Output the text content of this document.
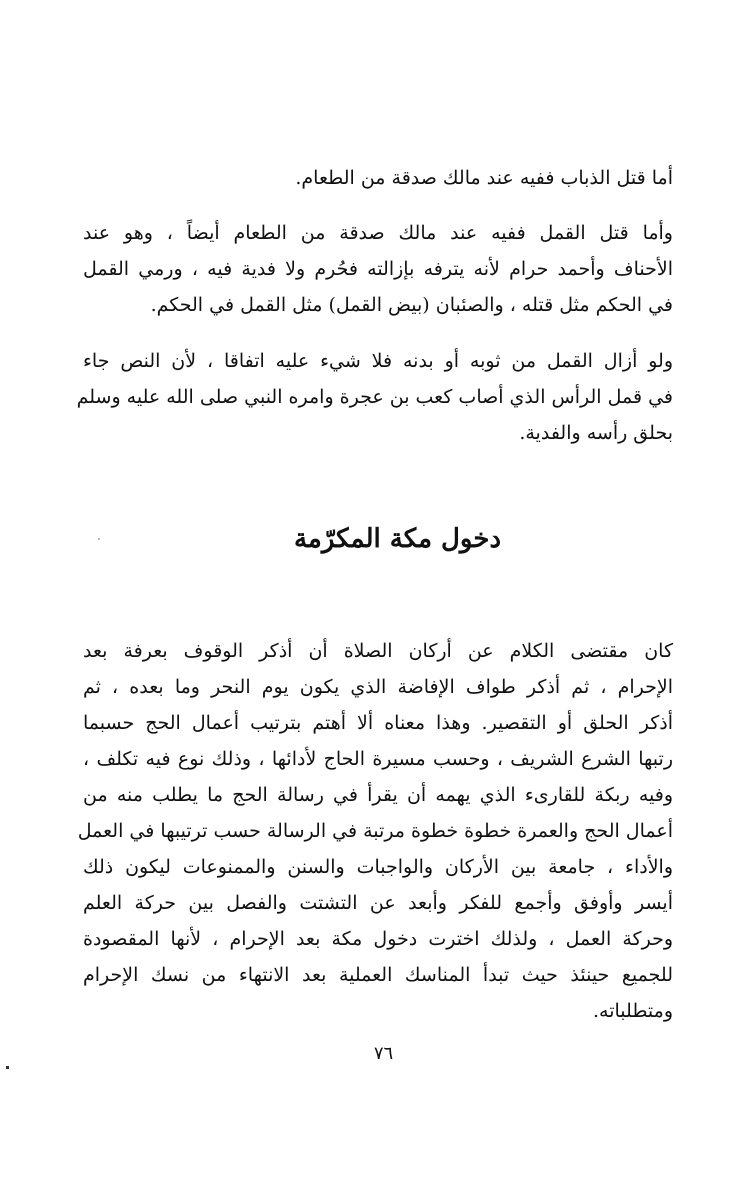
أما قتل الذباب ففيه عند مالك صدقة من الطعام.

وأما قتل القمل ففيه عند مالك صدقة من الطعام أيضاً ، وهو عند
الأحناف وأحمد حرام لأنه يترفه بإزالته فحُرم ولا فدية فيه ، ورمي القمل
في الحكم مثل قتله ، والصئبان (بيض القمل) مثل القمل في الحكم.

ولو أزال القمل من ثوبه أو بدنه فلا شيء عليه اتفاقا ، لأن النص جاء
في قمل الرأس الذي أصاب كعب بن عجرة وامره النبي صلى الله عليه وسلم
بحلق رأسه والفدية.

دخول مكة المكرّمة

كان مقتضى الكلام عن أركان الصلاة أن أذكر الوقوف بعرفة بعد
الإحرام ، ثم أذكر طواف الإفاضة الذي يكون يوم النحر وما بعده ، ثم
أذكر الحلق أو التقصير. وهذا معناه ألا أهتم بترتيب أعمال الحج حسبما
رتبها الشرع الشريف ، وحسب مسيرة الحاج لأدائها ، وذلك نوع فيه تكلف ،
وفيه ربكة للقارىء الذي يهمه أن يقرأ في رسالة الحج ما يطلب منه من
أعمال الحج والعمرة خطوة خطوة مرتبة في الرسالة حسب ترتيبها في العمل
والأداء ، جامعة بين الأركان والواجبات والسنن والممنوعات ليكون ذلك
أيسر وأوفق وأجمع للفكر وأبعد عن التشتت والفصل بين حركة العلم
وحركة العمل ، ولذلك اخترت دخول مكة بعد الإحرام ، لأنها المقصودة
للجميع حينئذ حيث تبدأ المناسك العملية بعد الانتهاء من نسك الإحرام
ومتطلباته.

٧٦
